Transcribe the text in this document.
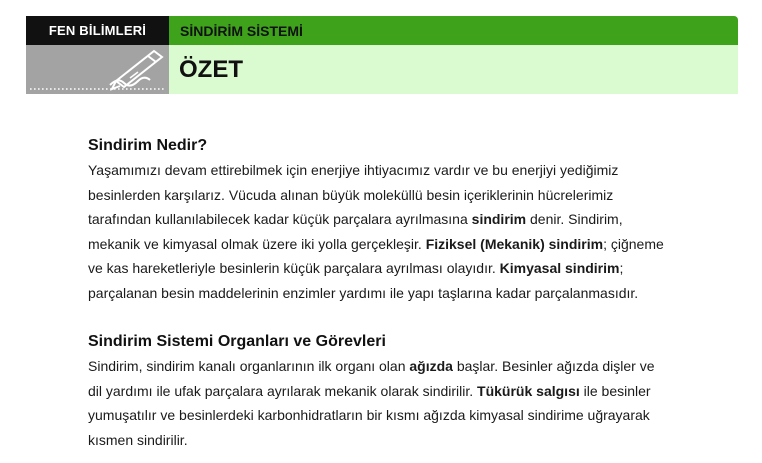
FEN BİLİMLERİ	SİNDİRİM SİSTEMİ
ÖZET
Sindirim Nedir?

Yaşamımızı devam ettirebilmek için enerjiye ihtiyacımız vardır ve bu enerjiyi yediğimiz
besinlerden karşılarız. Vücuda alınan büyük moleküllü besin içeriklerinin hücrelerimiz
tarafından kullanılabilecek kadar küçük parçalara ayrılmasına sindirim denir. Sindirim,
mekanik ve kimyasal olmak üzere iki yolla gerçekleşir. Fiziksel (Mekanik) sindirim; çiğneme
ve kas hareketleriyle besinlerin küçük parçalara ayrılması olayıdır. Kimyasal sindirim;
parçalanan besin maddelerinin enzimler yardımı ile yapı taşlarına kadar parçalanmasıdır.

Sindirim Sistemi Organları ve Görevleri

Sindirim, sindirim kanalı organlarının ilk organı olan ağızda başlar. Besinler ağızda dişler ve
dil yardımı ile ufak parçalara ayrılarak mekanik olarak sindirilir. Tükürük salgısı ile besinler
yumuşatılır ve besinlerdeki karbonhidratların bir kısmı ağızda kimyasal sindirime uğrayarak
kısmen sindirilir.
